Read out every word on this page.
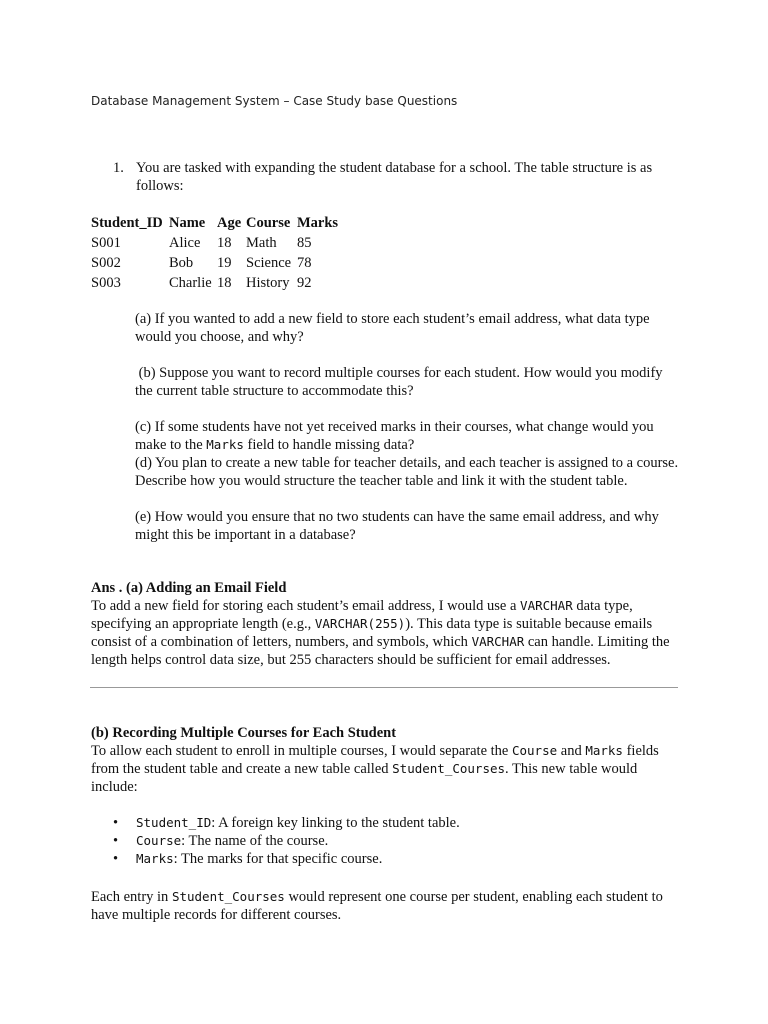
Database Management System – Case Study base Questions
1. You are tasked with expanding the student database for a school. The table structure is as follows:
Student_ID	Name	Age	Course	Marks
S001	Alice	18	Math	85
S002	Bob	19	Science	78
S003	Charlie	18	History	92
(a) If you wanted to add a new field to store each student’s email address, what data type would you choose, and why?
(b) Suppose you want to record multiple courses for each student. How would you modify  the current table structure to accommodate this?
(c) If some students have not yet received marks in their courses, what change would you make to the Marks field to handle missing data?
(d) You plan to create a new table for teacher details, and each teacher is assigned to a course. Describe how you would structure the teacher table and link it with the student table.
(e) How would you ensure that no two students can have the same email address, and why might this be important in a database?
Ans . (a) Adding an Email Field
To add a new field for storing each student’s email address, I would use a VARCHAR data type, specifying an appropriate length (e.g., VARCHAR(255)). This data type is suitable because emails consist of a combination of letters, numbers, and symbols, which VARCHAR can handle. Limiting the length helps control data size, but 255 characters should be sufficient for email addresses.
(b) Recording Multiple Courses for Each Student
To allow each student to enroll in multiple courses, I would separate the Course and Marks fields from the student table and create a new table called Student_Courses. This new table would include:
• Student_ID: A foreign key linking to the student table.
• Course: The name of the course.
• Marks: The marks for that specific course.
Each entry in Student_Courses would represent one course per student, enabling each student to have multiple records for different courses.
